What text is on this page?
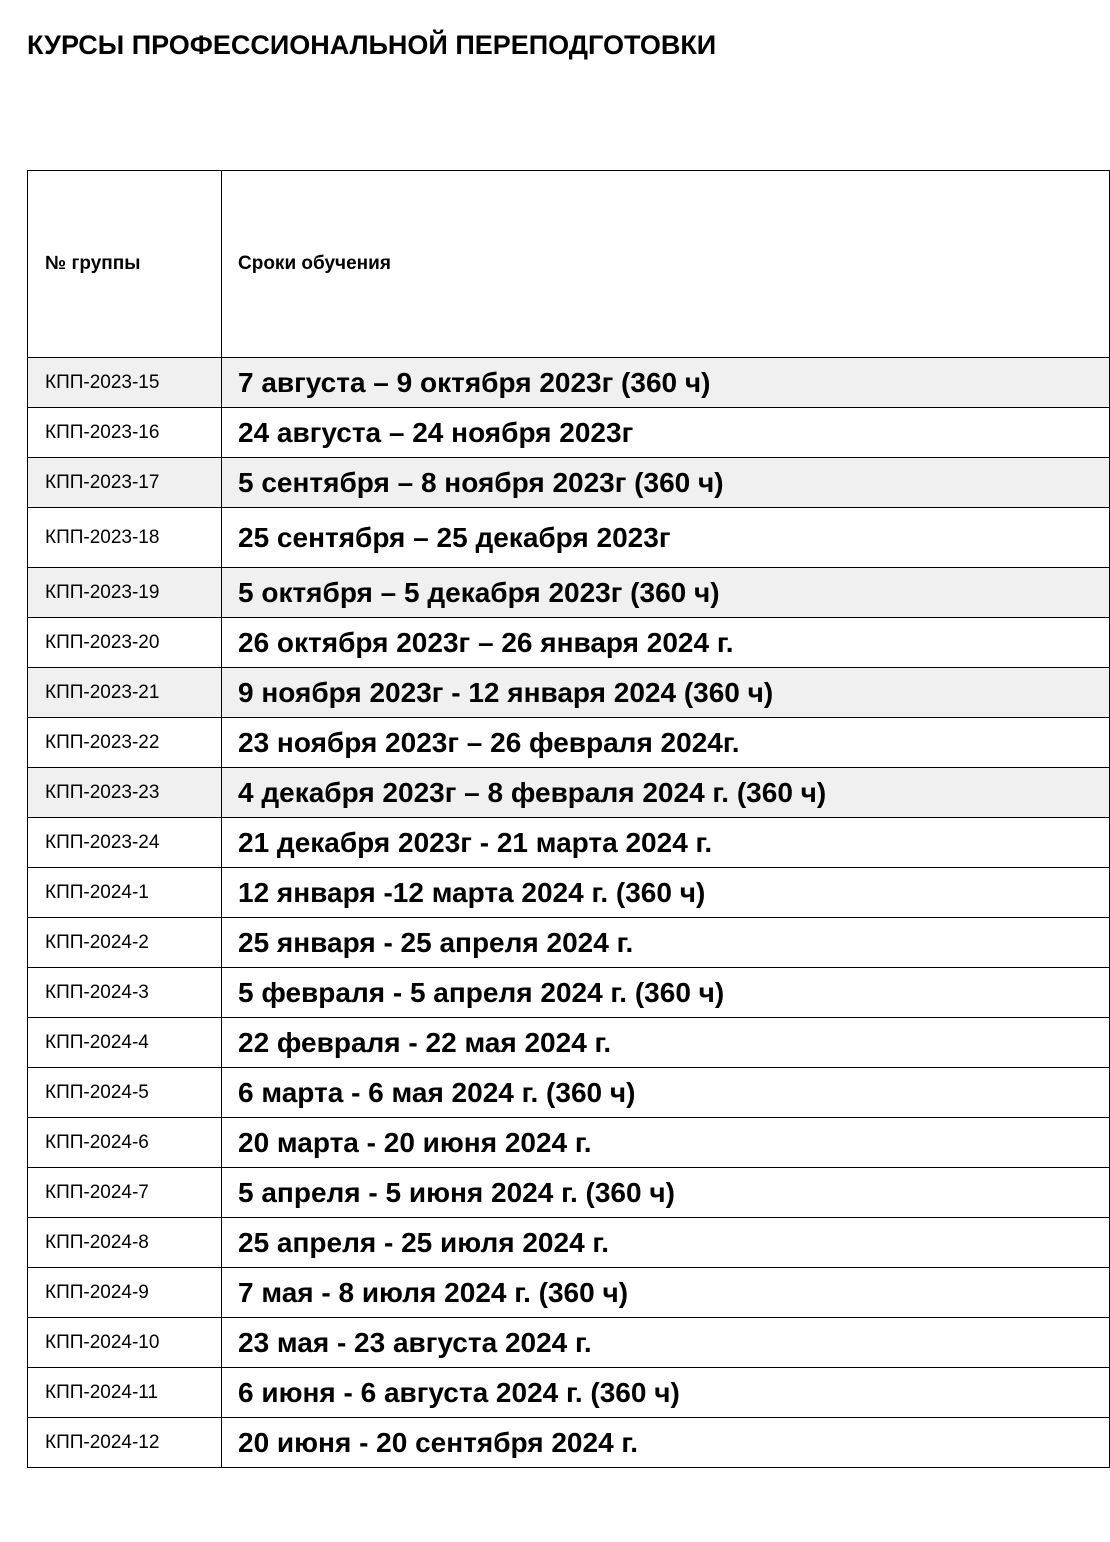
КУРСЫ ПРОФЕССИОНАЛЬНОЙ ПЕРЕПОДГОТОВКИ
№ группы	Сроки обучения
КПП-2023-15	7 августа – 9 октября 2023г (360 ч)
КПП-2023-16	24 августа – 24 ноября 2023г
КПП-2023-17	5 сентября – 8 ноября 2023г (360 ч)
КПП-2023-18	25 сентября – 25 декабря 2023г
КПП-2023-19	5 октября – 5 декабря 2023г (360 ч)
КПП-2023-20	26 октября 2023г – 26 января 2024 г.
КПП-2023-21	9 ноября 2023г - 12 января 2024 (360 ч)
КПП-2023-22	23 ноября 2023г – 26 февраля 2024г.
КПП-2023-23	4 декабря 2023г – 8 февраля 2024 г. (360 ч)
КПП-2023-24	21 декабря 2023г - 21 марта 2024 г.
КПП-2024-1	12 января -12 марта 2024 г. (360 ч)
КПП-2024-2	25 января - 25 апреля 2024 г.
КПП-2024-3	5 февраля - 5 апреля 2024 г. (360 ч)
КПП-2024-4	22 февраля - 22 мая 2024 г.
КПП-2024-5	6 марта - 6 мая 2024 г. (360 ч)
КПП-2024-6	20 марта - 20 июня 2024 г.
КПП-2024-7	5 апреля - 5 июня 2024 г. (360 ч)
КПП-2024-8	25 апреля - 25 июля 2024 г.
КПП-2024-9	7 мая - 8 июля 2024 г. (360 ч)
КПП-2024-10	23 мая - 23 августа 2024 г.
КПП-2024-11	6 июня - 6 августа 2024 г. (360 ч)
КПП-2024-12	20 июня - 20 сентября 2024 г.
